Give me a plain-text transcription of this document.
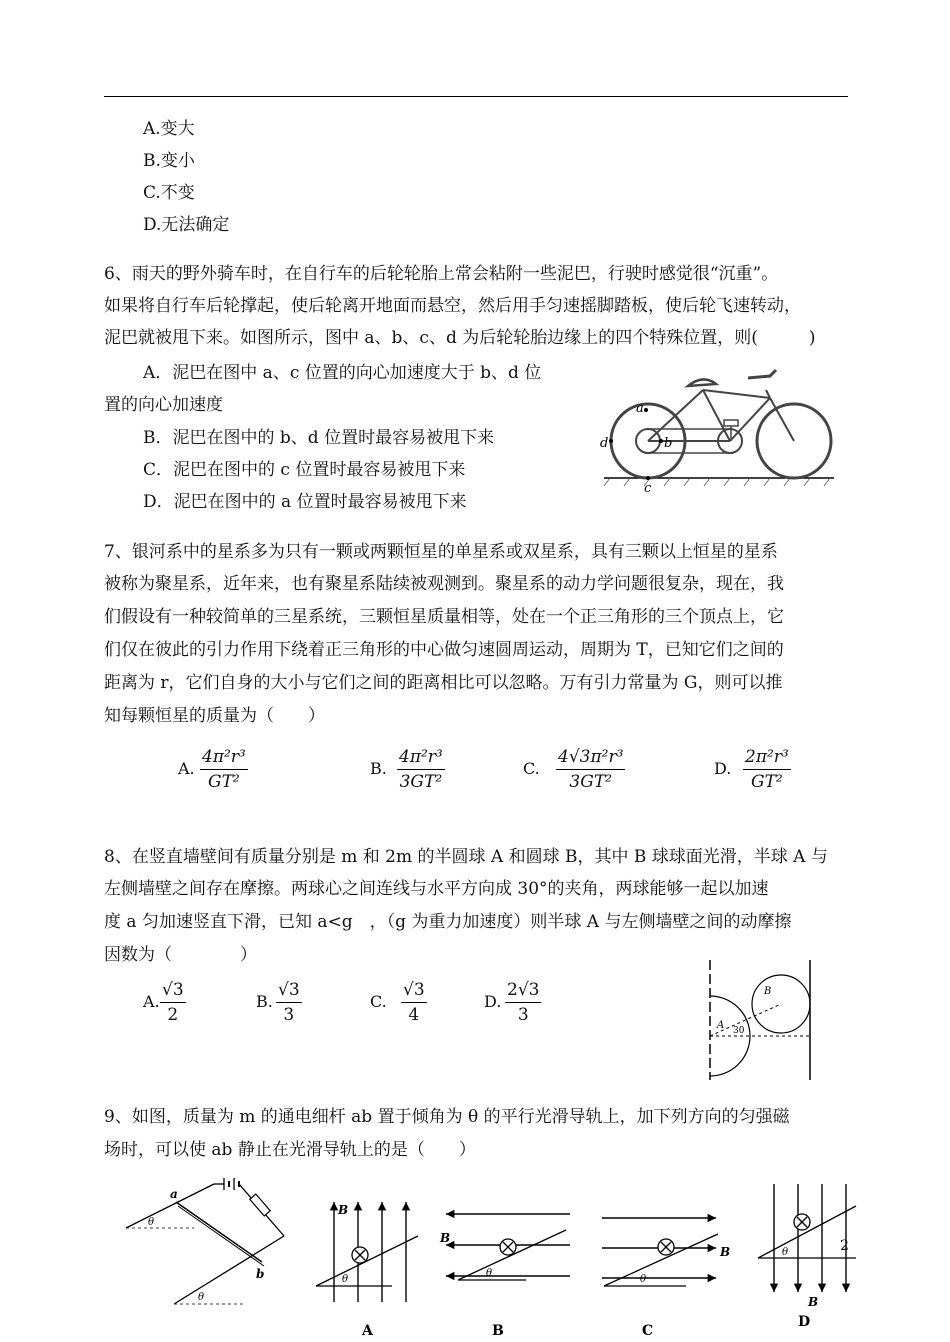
A.变大
B.变小
C.不变
D.无法确定
6、雨天的野外骑车时，在自行车的后轮轮胎上常会粘附一些泥巴，行驶时感觉很“沉重”。
如果将自行车后轮撑起，使后轮离开地面而悬空，然后用手匀速摇脚踏板，使后轮飞速转动，
泥巴就被甩下来。如图所示，图中 a、b、c、d 为后轮轮胎边缘上的四个特殊位置，则(　　　)
A．泥巴在图中 a、c 位置的向心加速度大于 b、d 位
置的向心加速度
B．泥巴在图中的 b、d 位置时最容易被甩下来
C．泥巴在图中的 c 位置时最容易被甩下来
D．泥巴在图中的 a 位置时最容易被甩下来
a
b
c
d
7、银河系中的星系多为只有一颗或两颗恒星的单星系或双星系，具有三颗以上恒星的星系
被称为聚星系，近年来，也有聚星系陆续被观测到。聚星系的动力学问题很复杂，现在，我
们假设有一种较简单的三星系统，三颗恒星质量相等，处在一个正三角形的三个顶点上，它
们仅在彼此的引力作用下绕着正三角形的中心做匀速圆周运动，周期为 T，已知它们之间的
距离为 r，它们自身的大小与它们之间的距离相比可以忽略。万有引力常量为 G，则可以推
知每颗恒星的质量为（　　）
A. $\frac{\text{4π²r³}}{\text{GT²}}$	B. $\frac{\text{4π²r³}}{\text{3GT²}}$	C. $\frac{\text{4√3π²r³}}{\text{3GT²}}$	D. $\frac{\text{2π²r³}}{\text{GT²}}$
8、在竖直墙壁间有质量分别是 m 和 2m 的半圆球 A 和圆球 B，其中 B 球球面光滑，半球 A 与
左侧墙壁之间存在摩擦。两球心之间连线与水平方向成 30°的夹角，两球能够一起以加速
度 a 匀加速竖直下滑，已知 a<g　，（g 为重力加速度）则半球 A 与左侧墙壁之间的动摩擦
因数为（　　　　）
A. $\frac{√3}{2}$	B. $\frac{√3}{3}$	C. $\frac{√3}{4}$	D. $\frac{2√3}{3}$	A
B
30
9、如图，质量为 m 的通电细杆 ab 置于倾角为 θ 的平行光滑导轨上，加下列方向的匀强磁
场时，可以使 ab 静止在光滑导轨上的是（　　）
a
b
θ
θ
B
θ
A
B
θ
B
B
θ
C
B
θ	2
D
